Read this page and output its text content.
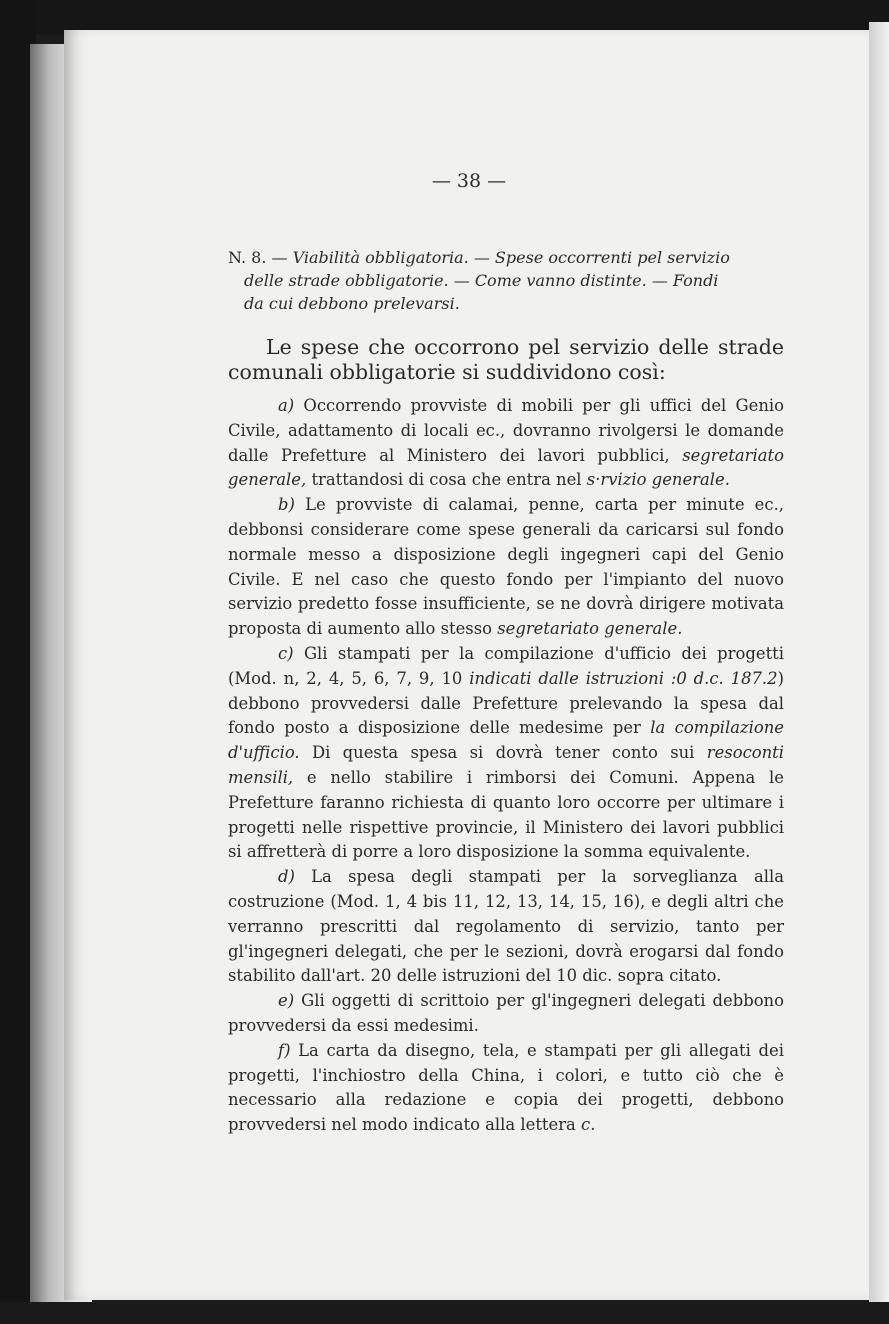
— 38 —

N. 8. — Viabilità obbligatoria. — Spese occorrenti pel servizio
delle strade obbligatorie. — Come vanno distinte. — Fondi
da cui debbono prelevarsi.

Le spese che occorrono pel servizio delle strade comunali obbligatorie si suddividono così:

a) Occorrendo provviste di mobili per gli uffici del Genio Civile, adattamento di locali ec., dovranno rivolgersi le domande dalle Prefetture al Ministero dei lavori pubblici, segretariato generale, trattandosi di cosa che entra nel s·rvizio generale.

b) Le provviste di calamai, penne, carta per minute ec., debbonsi considerare come spese generali da caricarsi sul fondo normale messo a disposizione degli ingegneri capi del Genio Civile. E nel caso che questo fondo per l'impianto del nuovo servizio predetto fosse insufficiente, se ne dovrà dirigere motivata proposta di aumento allo stesso segretariato generale.

c) Gli stampati per la compilazione d'ufficio dei progetti (Mod. n, 2, 4, 5, 6, 7, 9, 10 indicati dalle istruzioni :0 d.c. 187.2) debbono provvedersi dalle Prefetture prelevando la spesa dal fondo posto a disposizione delle medesime per la compilazione d'ufficio. Di questa spesa si dovrà tener conto sui resoconti mensili, e nello stabilire i rimborsi dei Comuni. Appena le Prefetture faranno richiesta di quanto loro occorre per ultimare i progetti nelle rispettive provincie, il Ministero dei lavori pubblici si affretterà di porre a loro disposizione la somma equivalente.

d) La spesa degli stampati per la sorveglianza alla costruzione (Mod. 1, 4 bis 11, 12, 13, 14, 15, 16), e degli altri che verranno prescritti dal regolamento di servizio, tanto per gl'ingegneri delegati, che per le sezioni, dovrà erogarsi dal fondo stabilito dall'art. 20 delle istruzioni del 10 dic. sopra citato.

e) Gli oggetti di scrittoio per gl'ingegneri delegati debbono provvedersi da essi medesimi.

f) La carta da disegno, tela, e stampati per gli allegati dei progetti, l'inchiostro della China, i colori, e tutto ciò che è necessario alla redazione e copia dei progetti, debbono provvedersi nel modo indicato alla lettera c.
